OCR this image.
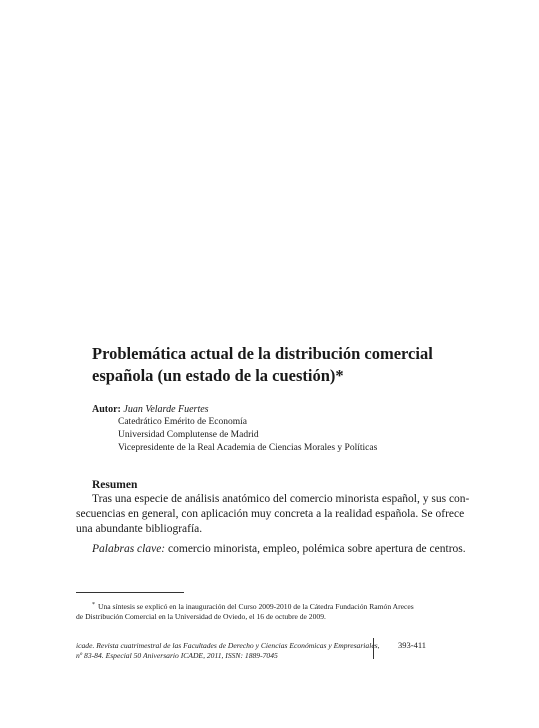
Problemática actual de la distribución comercial
española (un estado de la cuestión)*
Autor: Juan Velarde Fuertes
Catedrático Emérito de Economía
Universidad Complutense de Madrid
Vicepresidente de la Real Academia de Ciencias Morales y Políticas
Resumen
Tras una especie de análisis anatómico del comercio minorista español, y sus con-
secuencias en general, con aplicación muy concreta a la realidad española. Se ofrece
una abundante bibliografía.
Palabras clave: comercio minorista, empleo, polémica sobre apertura de centros.
* Una síntesis se explicó en la inauguración del Curso 2009-2010 de la Cátedra Fundación Ramón Areces
de Distribución Comercial en la Universidad de Oviedo, el 16 de octubre de 2009.
icade. Revista cuatrimestral de las Facultades de Derecho y Ciencias Económicas y Empresariales,
nº 83-84. Especial 50 Aniversario ICADE, 2011, ISSN: 1889-7045
393-411
